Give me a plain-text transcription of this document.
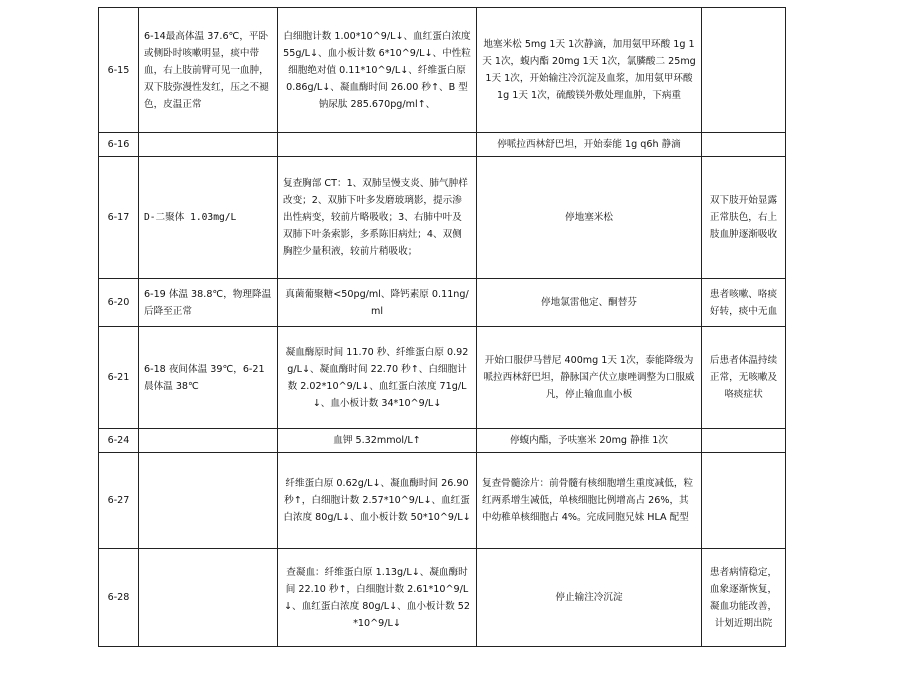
6-15	6-14最高体温 37.6℃，平卧或侧卧时咳嗽明显，痰中带血，右上肢前臂可见一血肿，双下肢弥漫性发红，压之不褪色，皮温正常	白细胞计数 1.00*10^9/L↓、血红蛋白浓度 55g/L↓、血小板计数 6*10^9/L↓、中性粒细胞绝对值 0.11*10^9/L↓、纤维蛋白原 0.86g/L↓、凝血酶时间 26.00 秒↑、B 型钠尿肽 285.670pg/ml↑、	地塞米松 5mg 1天 1次静滴，加用氨甲环酸 1g 1天 1次，蝮内酯 20mg 1天 1次，氯膦酸二 25mg 1天 1次，开始输注冷沉淀及血浆，加用氨甲环酸 1g 1天 1次，硫酸镁外敷处理血肿，下病重	
6-16			停哌拉西林舒巴坦，开始泰能 1g q6h 静滴	
6-17	D-二聚体 1.03mg/L	复查胸部 CT：1、双肺呈慢支炎、肺气肿样改变；2、双肺下叶多发磨玻璃影，提示渗出性病变，较前片略吸收；3、右肺中叶及双肺下叶条索影，多系陈旧病灶；4、双侧胸腔少量积液，较前片稍吸收；	停地塞米松	双下肢开始显露正常肤色，右上肢血肿逐渐吸收
6-20	6-19 体温 38.8℃，物理降温后降至正常	真菌葡聚糖<50pg/ml、降钙素原 0.11ng/ml	停地氯雷他定、酮替芬	患者咳嗽、咯痰好转，痰中无血
6-21	6-18 夜间体温 39℃，6-21 晨体温 38℃	凝血酶原时间 11.70 秒、纤维蛋白原 0.92g/L↓、凝血酶时间 22.70 秒↑、白细胞计数 2.02*10^9/L↓、血红蛋白浓度 71g/L↓、血小板计数 34*10^9/L↓	开始口服伊马替尼 400mg 1天 1次，泰能降级为哌拉西林舒巴坦，静脉国产伏立康唑调整为口服威凡，停止输血血小板	后患者体温持续正常，无咳嗽及咯痰症状
6-24		血钾 5.32mmol/L↑	停蝮内酯，予呋塞米 20mg 静推 1次	
6-27		纤维蛋白原 0.62g/L↓、凝血酶时间 26.90 秒↑，白细胞计数 2.57*10^9/L↓、血红蛋白浓度 80g/L↓、血小板计数 50*10^9/L↓	复查骨髓涂片：前骨髓有核细胞增生重度减低，粒红两系增生减低，单核细胞比例增高占 26%，其中幼稚单核细胞占 4%。完成同胞兄妹 HLA 配型	
6-28		查凝血：纤维蛋白原 1.13g/L↓、凝血酶时间 22.10 秒↑，白细胞计数 2.61*10^9/L↓、血红蛋白浓度 80g/L↓、血小板计数 52*10^9/L↓	停止输注冷沉淀	患者病情稳定，血象逐渐恢复，凝血功能改善，计划近期出院
